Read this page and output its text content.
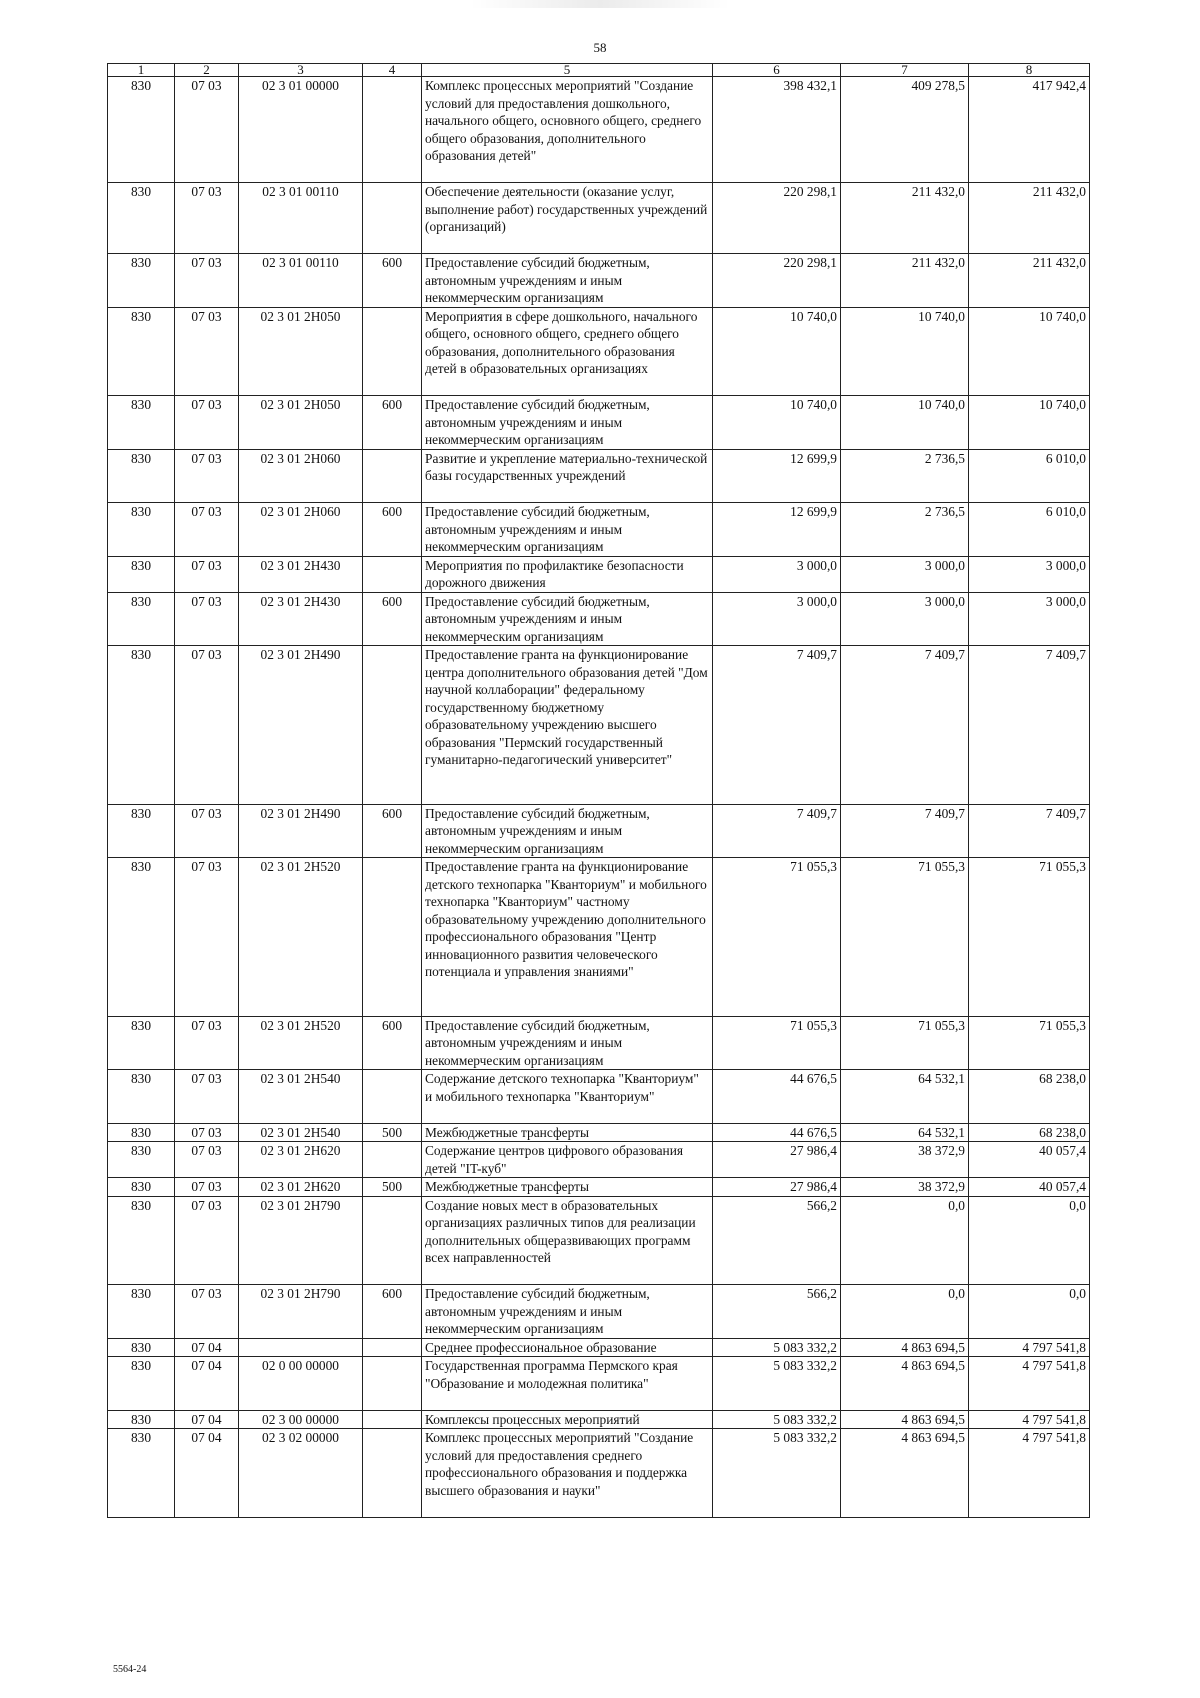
58
1	2	3	4	5	6	7	8
830	07 03	02 3 01 00000		Комплекс процессных мероприятий "Создание условий для предоставления дошкольного, начального общего, основного общего, среднего общего образования, дополнительного образования детей"	398 432,1	409 278,5	417 942,4
830	07 03	02 3 01 00110		Обеспечение деятельности (оказание услуг, выполнение работ) государственных учреждений (организаций)	220 298,1	211 432,0	211 432,0
830	07 03	02 3 01 00110	600	Предоставление субсидий бюджетным, автономным учреждениям и иным некоммерческим организациям	220 298,1	211 432,0	211 432,0
830	07 03	02 3 01 2Н050		Мероприятия в сфере дошкольного, начального общего, основного общего, среднего общего образования, дополнительного образования детей в образовательных организациях	10 740,0	10 740,0	10 740,0
830	07 03	02 3 01 2Н050	600	Предоставление субсидий бюджетным, автономным учреждениям и иным некоммерческим организациям	10 740,0	10 740,0	10 740,0
830	07 03	02 3 01 2Н060		Развитие и укрепление материально-технической базы государственных учреждений	12 699,9	2 736,5	6 010,0
830	07 03	02 3 01 2Н060	600	Предоставление субсидий бюджетным, автономным учреждениям и иным некоммерческим организациям	12 699,9	2 736,5	6 010,0
830	07 03	02 3 01 2Н430		Мероприятия по профилактике безопасности дорожного движения	3 000,0	3 000,0	3 000,0
830	07 03	02 3 01 2Н430	600	Предоставление субсидий бюджетным, автономным учреждениям и иным некоммерческим организациям	3 000,0	3 000,0	3 000,0
830	07 03	02 3 01 2Н490		Предоставление гранта на функционирование центра дополнительного образования детей "Дом научной коллаборации" федеральному государственному бюджетному образовательному учреждению высшего образования "Пермский государственный гуманитарно-педагогический университет"	7 409,7	7 409,7	7 409,7
830	07 03	02 3 01 2Н490	600	Предоставление субсидий бюджетным, автономным учреждениям и иным некоммерческим организациям	7 409,7	7 409,7	7 409,7
830	07 03	02 3 01 2Н520		Предоставление гранта на функционирование детского технопарка "Кванториум" и мобильного технопарка "Кванториум" частному образовательному учреждению дополнительного профессионального образования "Центр инновационного развития человеческого потенциала и управления знаниями"	71 055,3	71 055,3	71 055,3
830	07 03	02 3 01 2Н520	600	Предоставление субсидий бюджетным, автономным учреждениям и иным некоммерческим организациям	71 055,3	71 055,3	71 055,3
830	07 03	02 3 01 2Н540		Содержание детского технопарка "Кванториум" и мобильного технопарка "Кванториум"	44 676,5	64 532,1	68 238,0
830	07 03	02 3 01 2Н540	500	Межбюджетные трансферты	44 676,5	64 532,1	68 238,0
830	07 03	02 3 01 2Н620		Содержание центров цифрового образования детей "IT-куб"	27 986,4	38 372,9	40 057,4
830	07 03	02 3 01 2Н620	500	Межбюджетные трансферты	27 986,4	38 372,9	40 057,4
830	07 03	02 3 01 2Н790		Создание новых мест в образовательных организациях различных типов для реализации дополнительных общеразвивающих программ всех направленностей	566,2	0,0	0,0
830	07 03	02 3 01 2Н790	600	Предоставление субсидий бюджетным, автономным учреждениям и иным некоммерческим организациям	566,2	0,0	0,0
830	07 04			Среднее профессиональное образование	5 083 332,2	4 863 694,5	4 797 541,8
830	07 04	02 0 00 00000		Государственная программа Пермского края "Образование и молодежная политика"	5 083 332,2	4 863 694,5	4 797 541,8
830	07 04	02 3 00 00000		Комплексы процессных мероприятий	5 083 332,2	4 863 694,5	4 797 541,8
830	07 04	02 3 02 00000		Комплекс процессных мероприятий "Создание условий для предоставления среднего профессионального образования и поддержка высшего образования и науки"	5 083 332,2	4 863 694,5	4 797 541,8
5564-24
